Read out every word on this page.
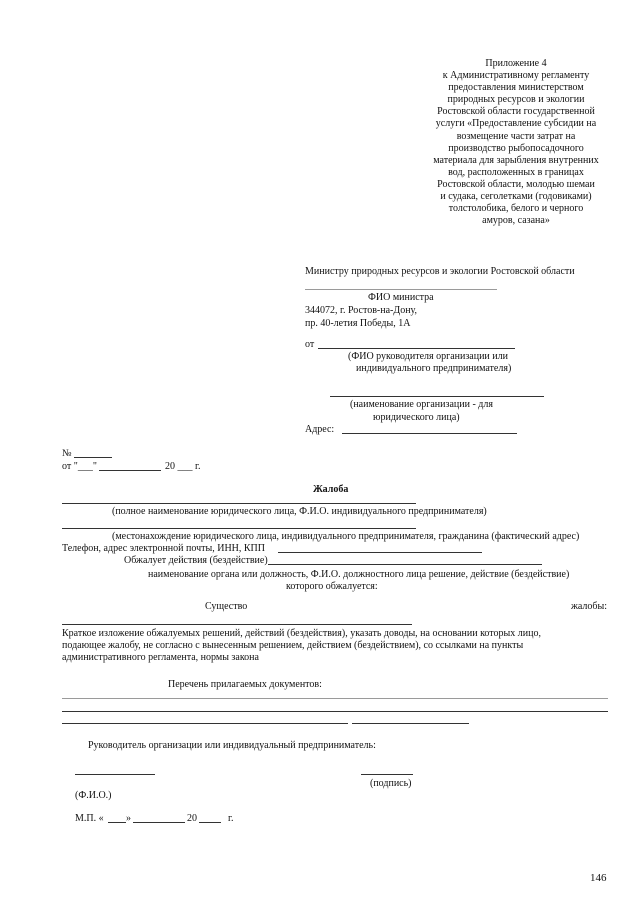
Приложение 4
к Административному регламенту
предоставления министерством
природных ресурсов и экологии
Ростовской области государственной
услуги «Предоставление субсидии на
возмещение части затрат на
производство рыбопосадочного
материала для зарыбления внутренних
вод, расположенных в границах
Ростовской области, молодью шемаи
и судака, сеголетками (годовиками)
толстолобика, белого и черного
амуров, сазана»
Министру природных ресурсов и экологии Ростовской области
ФИО министра
344072, г. Ростов-на-Дону,
пр. 40-летия Победы, 1А
от
(ФИО руководителя организации или
индивидуального предпринимателя)
(наименование организации - для
юридического лица)
Адрес:
№
от "___"	20 ___ г.
Жалоба
(полное наименование юридического лица, Ф.И.О. индивидуального предпринимателя)
(местонахождение юридического лица, индивидуального предпринимателя, гражданина (фактический адрес)
Телефон, адрес электронной почты, ИНН, КПП
Обжалует действия (бездействие)
наименование органа или должность, Ф.И.О. должностного лица решение, действие (бездействие)
которого обжалуется:
Существо	жалобы:
Краткое изложение обжалуемых решений, действий (бездействия), указать доводы, на основании которых лицо,
подающее жалобу, не согласно с вынесенным решением, действием (бездействием), со ссылками на пункты
административного регламента, нормы закона
Перечень прилагаемых документов:
Руководитель организации или индивидуальный предприниматель:
(подпись)
(Ф.И.О.)
М.П. « »	20	г.
146
